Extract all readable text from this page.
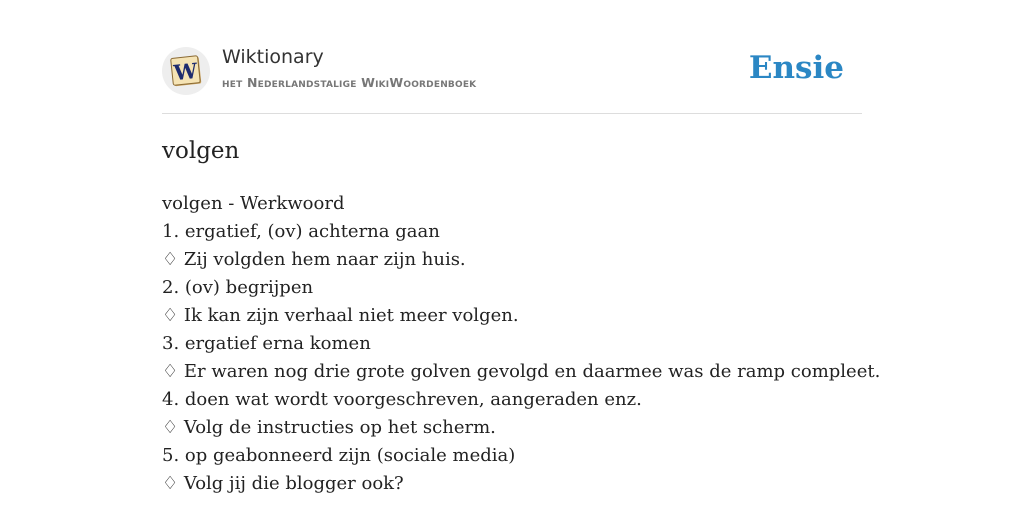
W
Wiktionary
het Nederlandstalige WikiWoordenboek	Ensie
volgen
volgen - Werkwoord
1. ergatief, (ov) achterna gaan
♢ Zij volgden hem naar zijn huis.
2. (ov) begrijpen
♢ Ik kan zijn verhaal niet meer volgen.
3. ergatief erna komen
♢ Er waren nog drie grote golven gevolgd en daarmee was de ramp compleet.
4. doen wat wordt voorgeschreven, aangeraden enz.
♢ Volg de instructies op het scherm.
5. op geabonneerd zijn (sociale media)
♢ Volg jij die blogger ook?
